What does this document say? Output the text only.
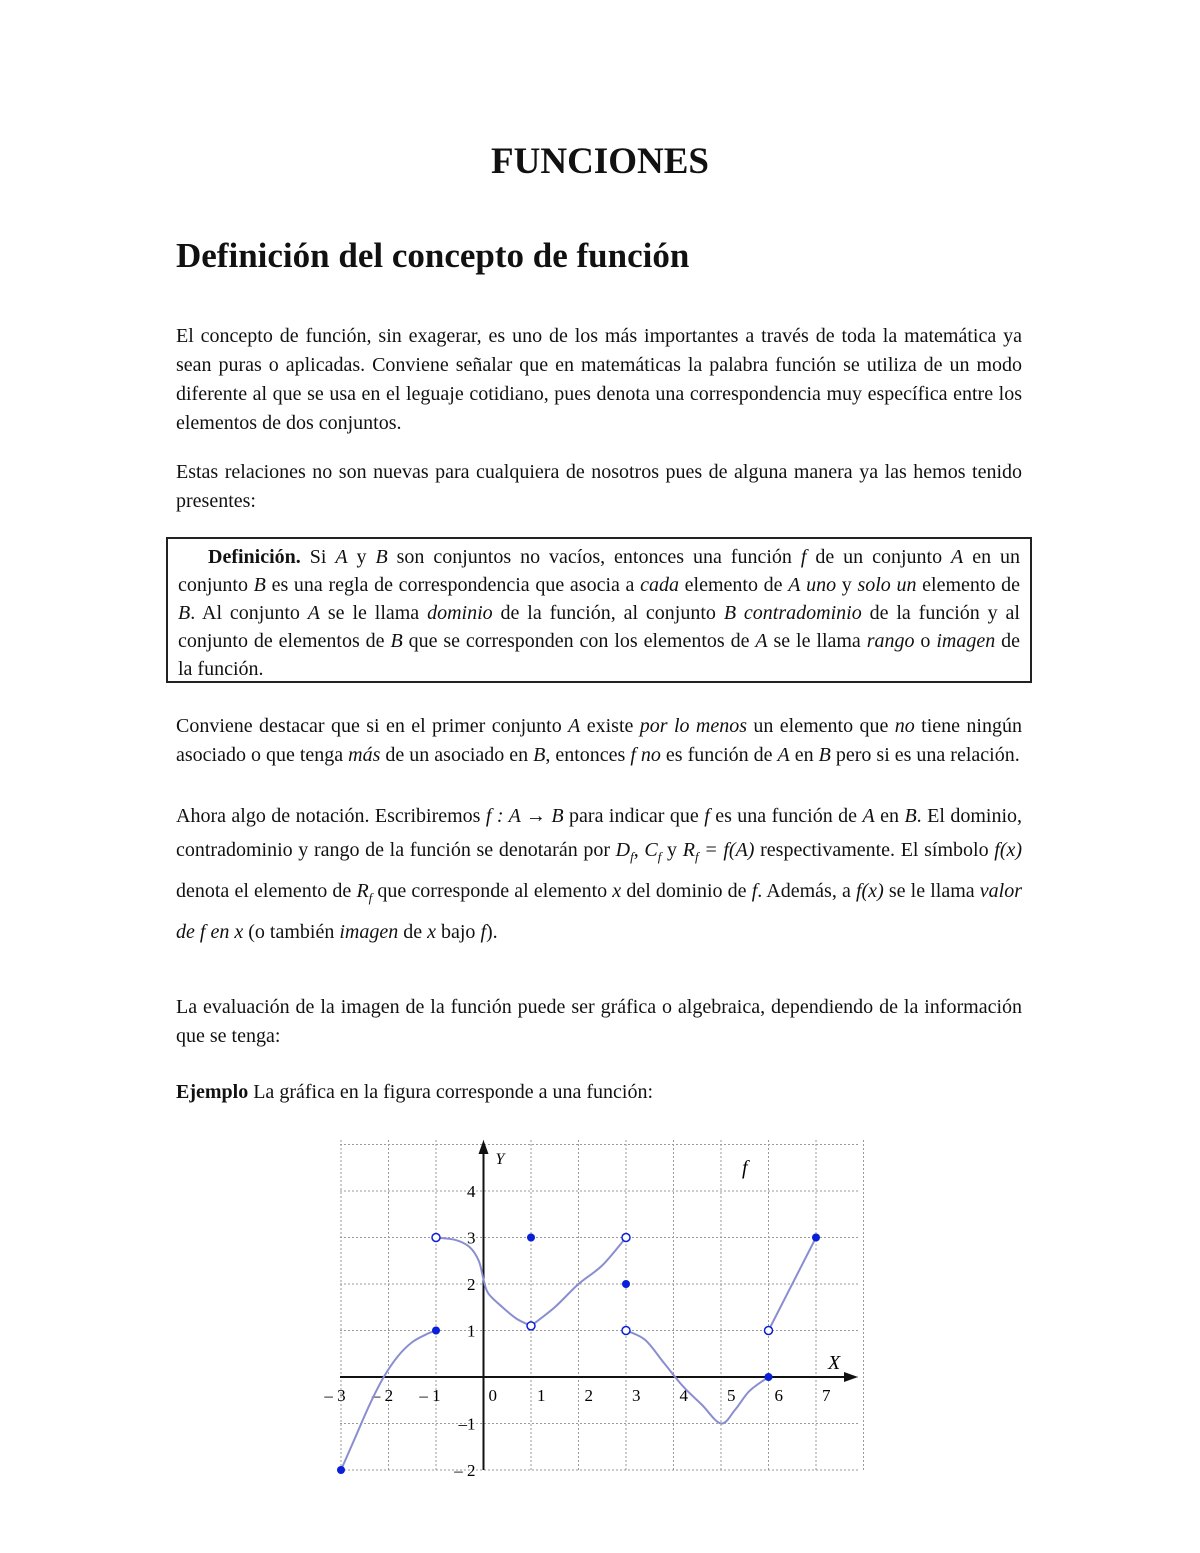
FUNCIONES
Definición del concepto de función

El concepto de función, sin exagerar, es uno de los más importantes a través de toda la matemática ya sean puras o aplicadas. Conviene señalar que en matemáticas la palabra función se utiliza de un modo diferente al que se usa en el leguaje cotidiano, pues denota una correspondencia muy específica entre los elementos de dos conjuntos.

Estas relaciones no son nuevas para cualquiera de nosotros pues de alguna manera ya las hemos tenido presentes:

Definición. Si A y B son conjuntos no vacíos, entonces una función f de un conjunto A en un conjunto B es una regla de correspondencia que asocia a cada elemento de A uno y solo un elemento de B. Al conjunto A se le llama dominio de la función, al conjunto B contradominio de la función y al conjunto de elementos de B que se corresponden con los elementos de A se le llama rango o imagen de la función.

Conviene destacar que si en el primer conjunto A existe por lo menos un elemento que no tiene ningún asociado o que tenga más de un asociado en B, entonces f no es función de A en B pero si es una relación.

Ahora algo de notación. Escribiremos f : A → B para indicar que f es una función de A en B. El dominio, contradominio y rango de la función se denotarán por $D_f$, $C_f$ y $R_f = f(A)$ respectivamente. El símbolo f(x) denota el elemento de $R_f$ que corresponde al elemento x del dominio de f. Además, a f(x) se le llama valor de f en x (o también imagen de x bajo f).

La evaluación de la imagen de la función puede ser gráfica o algebraica, dependiendo de la información que se tenga:

Ejemplo La gráfica en la figura corresponde a una función:

X
Y	f
– 3 – 2 – 1	0 1 2 3 4 5 6 7
4
3
2
1
–1
– 2
